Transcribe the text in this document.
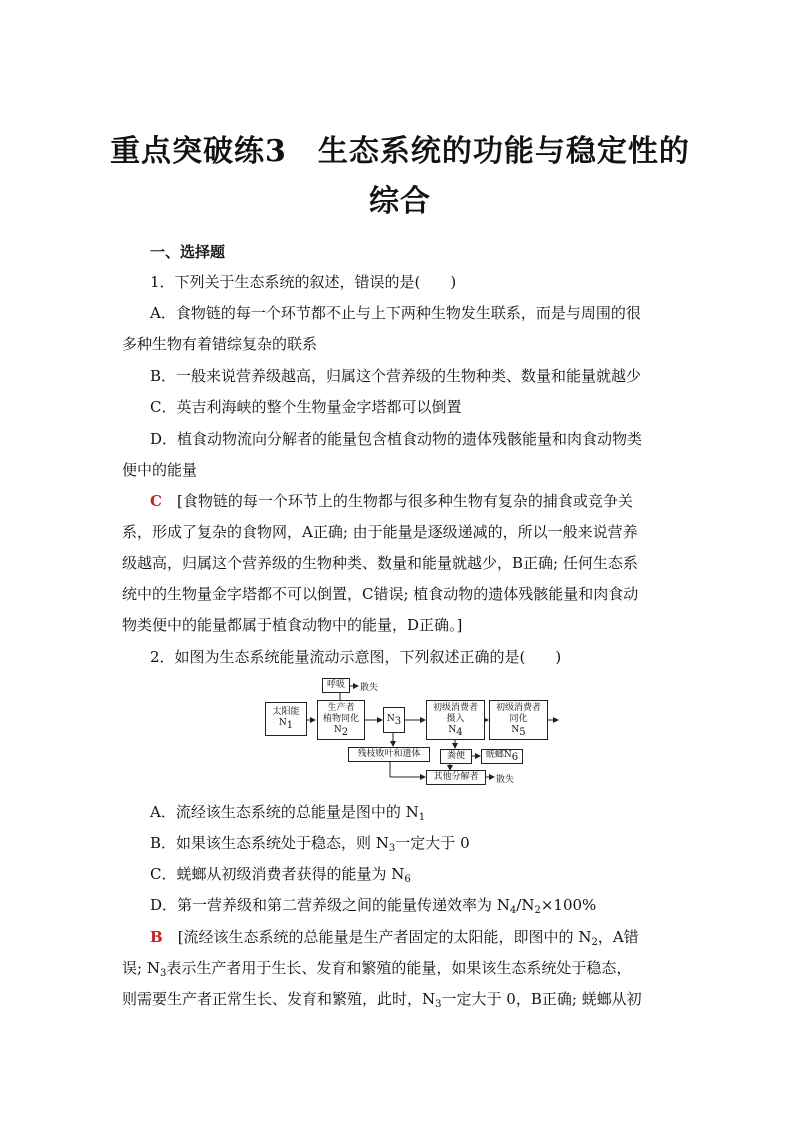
重点突破练3　生态系统的功能与稳定性的
综合
一、选择题
1．下列关于生态系统的叙述，错误的是(　　)
A．食物链的每一个环节都不止与上下两种生物发生联系，而是与周围的很
多种生物有着错综复杂的联系
B．一般来说营养级越高，归属这个营养级的生物种类、数量和能量就越少
C．英吉利海峡的整个生物量金字塔都可以倒置
D．植食动物流向分解者的能量包含植食动物的遗体残骸能量和肉食动物类
便中的能量
C　 [食物链的每一个环节上的生物都与很多种生物有复杂的捕食或竞争关
系，形成了复杂的食物网，A正确; 由于能量是逐级递减的，所以一般来说营养
级越高，归属这个营养级的生物种类、数量和能量就越少，B正确; 任何生态系
统中的生物量金字塔都不可以倒置，C错误; 植食动物的遗体残骸能量和肉食动
物类便中的能量都属于植食动物中的能量，D正确。]
2．如图为生态系统能量流动示意图，下列叙述正确的是(　　)
太阳能
$N_1$
生产者
植物同化
$N_2$
$N_3$
初级消费者
摄入
$N_4$
初级消费者
同化
$N_5$
呼吸	散失
残枝败叶和遗体	粪便	蜣螂$N_6$
其他分解者	散失
A．流经该生态系统的总能量是图中的 $N_1$
B．如果该生态系统处于稳态，则 $N_3$一定大于 0
C．蜣螂从初级消费者获得的能量为 $N_6$
D．第一营养级和第二营养级之间的能量传递效率为 $N_4/N_2\times 100\%$
B　 [流经该生态系统的总能量是生产者固定的太阳能，即图中的 $N_2$，A错
误; $N_3$表示生产者用于生长、发育和繁殖的能量，如果该生态系统处于稳态，
则需要生产者正常生长、发育和繁殖，此时，$N_3$一定大于 0，B正确; 蜣螂从初
